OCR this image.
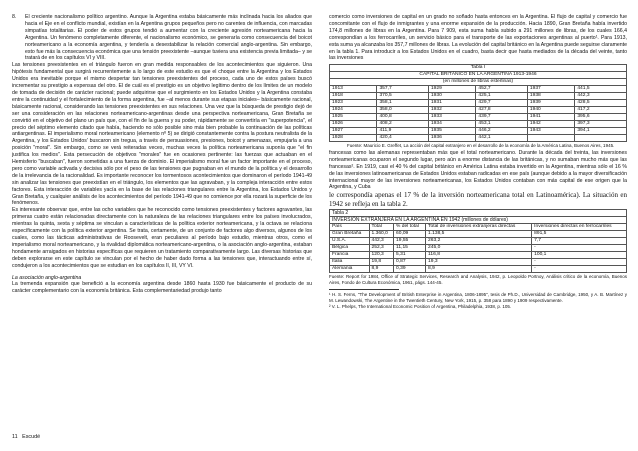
8. El creciente nacionalismo político argentino. Aunque la Argentina estaba básicamente más inclinada hacia los aliados que hacia el Eje en el conflicto mundial, existían en la Argentina grupos pequeños pero no carentes de influencia, con marcadas simpatías totalitarias. El poder de estos grupos tendió a aumentar con la creciente agresión norteamericana hacia la Argentina. Un fenómeno completamente diferente, el nacionalismo económico, se generaría como consecuencia del boicot norteamericano a la economía argentina, y tendería a desestabilizar la relación comercial anglo-argentina. Sin embargo, esto fue más la consecuencia económica que una tensión preexistente –aunque tuviera una existencia previa limitada– y se tratará de en los capítulos VI y VIII.

Las tensiones preexistentes en el triángulo fueron en gran medida responsables de los acontecimientos que siguieron. Una hipótesis fundamental que surgirá recurrentemente a lo largo de este estudio es que el choque entre la Argentina y los Estados Unidos era inevitable porque el mismo despertar tan tensiones preexistentes del proceso, cada uno de estos países buscó incrementar su prestigio a expensas del otro. El de cuál es el prestigio es un objetivo legítimo dentro de los límites de un modelo de tomada de decisión de carácter racional; puede adquirirse que el surgimiento en los Estados Unidos y la Argentina constaba entre la continuidad y el fortalecimiento de la forma argentina, fue –al menos durante sus etapas iniciales– básicamente racional, básicamente racional, considerando las tensiones preexistentes en sus relaciones. Una vez que la búsqueda de prestigio dejó de ser una consideración en las relaciones norteamericano-argentinas desde una perspectiva norteamericana, Gran Bretaña se convirtió en el objetivo del plano un país que, con el fin de la guerra y su poder, rápidamente se convertiría en "superpotencia", el precio del séptimo elemento citado que había, haciendo no sólo posible sino más bien probable la continuación de las políticas antiargentinas. El imperialismo moral norteamericano (elemento nº 5) se dirigió constantemente contra la postura neutralista de la Argentina, y los Estados Unidos' buscaron sin tregua, a través de persuasiones, presiones, boicot y amenazas, empujarla a una posición "moral". Sin embargo, como se verá reiteradas veces, muchas veces la política norteamericana suponía que "el fin justifica los medios". Esta persecución de objetivos "morales" fue en ocasiones pertinente: las fuerzas que actuaban en el Hemisferio "buscaban", fueron sometidas a una fuerza de dominio. El imperialismo moral fue un factor importante en el proceso, pero como variable activada y decisiva sólo por el peso de las tensiones que pugnaban en el mundo de la política y el desarrollo de la irrelevancia de la racionalidad. Es importante reconocer los tormentosos acontecimientos que dominaron el período 1941-49 sin analizar las tensiones que preexistían en el triángulo, los elementos que las agravaban, y la compleja interacción entre estos factores. Esta interacción de variables yacía en la base de las relaciones triangulares entre la Argentina, los Estados Unidos y Gran Bretaña, y cualquier análisis de los acontecimientos del período 1941-49 que no comience por ella rozará la superficie de los fenómenos.

Es interesante observar que, entre las ocho variables que he reconocido como tensiones preexistentes y factores agravantes, las primeras cuatro están relacionadas directamente con la naturaleza de las relaciones triangulares entre los países involucrados, mientras la quinta, sexta y séptima se vinculan a características de la política exterior norteamericana, y la octava se relaciona específicamente con la política exterior argentina. Se trata, certamente, de un conjunto de factores algo diversos, algunos de los cuales, como las tácticas administrativas de Roosevelt, eran peculiares al período bajo estudio, mientras otros, como el imperialismo moral norteamericano, y la rivalidad diplomática norteamericano-argentina, o la asociación anglo-argentina, estaban hondamente arraigados en historias específicas que requieren un tratamiento comparativamente largo. Las diversas historias que deben explorarse en este capítulo se vinculan por el hecho de haber dado forma a las tensiones que, interactuando entre sí, condujeron a los acontecimientos que se estudian en los capítulos II, III, VY VI.

La asociación anglo-argentina

La tremenda expansión que benefició a la economía argentina desde 1860 hasta 1930 fue básicamente el producto de su carácter complementario con la economía británica. Esta complementariedad produjo tanto

11 Escudé

comercio como inversiones de capital en un grado no soñado hasta entonces en la Argentina. El flujo de capital y comercio fue concomitante con el flujo de inmigrantes y una enorme expansión de la producción. Hacia 1890, Gran Bretaña había invertido 174,8 millones de libras en la Argentina. Para 7 909, esta suma había subido a 291 millones de libras, de los cuales 166,4 correspondían a los ferrocarriles, un servicio básico para el transporte de las exportaciones argentinas al puerto¹. Para 1913, esta suma ya alcanzaba los 357,7 millones de libras. La evolución del capital británico en la Argentina puede seguirse claramente en la tabla 1. Para introducir a los Estados Unidos en el cuadro, basta decir que hasta mediados de la década del veinte, tanto las inversiones

Tabla I					
CAPITAL BRITÁNICO EN LA ARGENTINA 1913-1946					
(en millones de libras esterlinas)					
1913	357,7	1929	452,7	1937	441,5
1918	370,5	1930	425,1	1938	442,3
1923	358,1	1931	429,7	1939	428,5
1924	358,0	1932	427,8	1940	417,2
1925	400,8	1933	439,7	1941	395,6
1926	408,2	1934	453,1	1942	397,3
1927	411,9	1935	446,2	1943	394,1
1928	420,4	1936	442,1		

Fuente: Mauricio E. Greffet, La acción del capital extranjero en el desarrollo de la economía de la América Latina, Buenos Aires, 1945.

francesas como las alemanas representaban más que el total norteamericano. Durante la década del treinta, las inversiones norteamericanas ocuparon el segundo lugar, pero aún a enorme distancia de las británicas, y no sumaban mucho más que las francesas². En 1919, casi el 40 % del capital británico en América Latina estaba invertido en la Argentina, mientras sólo el 16 % de las inversiones latinoamericanas de Estados Unidos estaban radicadas en ese país (aunque debido a la mayor diversificación internacional mayor de las inversiones norteamericanas, los Estados Unidos contaban con más capital de ese origen que la Argentina, y Cuba

le correspondía apenas el 17 % de la inversión norteamericana total en Latinoamérica). La situación en 1942 se refleja en la tabla 2.

Tabla 2				
INVERSIÓN EXTRANJERA EN LA ARGENTINA EN 1942 (millones de dólares)				
País	Total	% del total	Total de inversiones extranjeras directas	Inversiones directas en ferrocarriles
Gran Bretaña	1.360,0	60,09	1.138,5	891,5
U.S.A.	442,3	19,55	263,2	7,7
Bélgica	252,3	11,15	245,0	-
Francia	120,3	5,31	116,8	100,1
Italia	19,8	0,87	19,3	-
Alemania	8,9	0,39	8,9	-

Fuente: Report for 1984, Office of Strategic Services, Research and Analysis, 1942, p. Leopoldo Portnoy, Análisis crítico de la economía, Buenos Aires, Fondo de Cultura Económica, 1961, págs. 144-45.

¹ H. S. Ferns, "The Development of British Enterprise in Argentina, 1806-1895", tesis de Ph.D., Universidad de Cambridge, 1950, y A. B. Martínez y M. Lewandowski, The Argentine in the Twentieth Century, New York, 1915, p. 358 para 1890 y 1909 respectivamente.

² V. L. Phelps, The International Economic Position of Argentina, Philadelphia, 1938, p. 105.
